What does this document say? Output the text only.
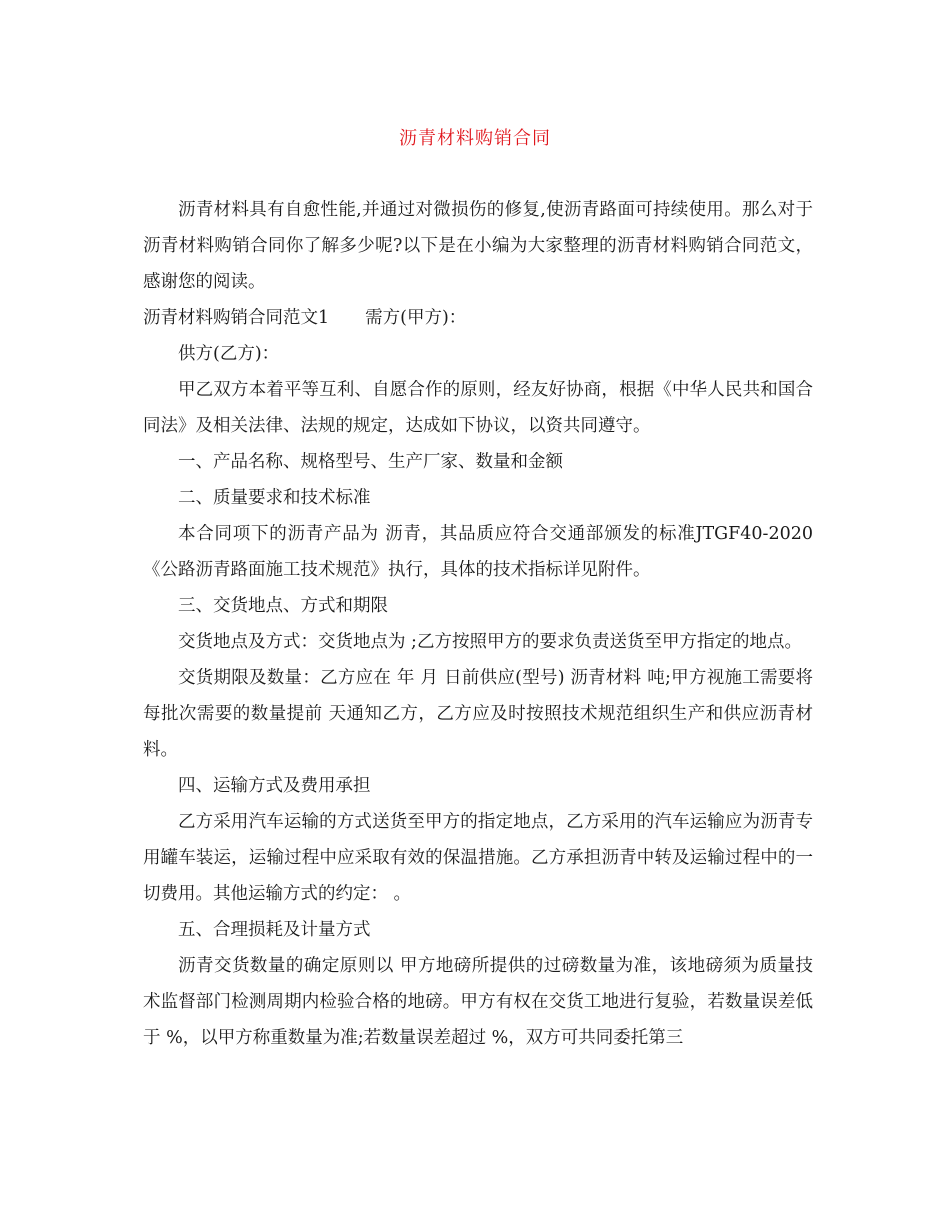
沥青材料购销合同

沥青材料具有自愈性能,并通过对微损伤的修复,使沥青路面可持续使用。那么对于沥青材料购销合同你了解多少呢?以下是在小编为大家整理的沥青材料购销合同范文，感谢您的阅读。

沥青材料购销合同范文1 需方(甲方)：

供方(乙方)：

甲乙双方本着平等互利、自愿合作的原则，经友好协商，根据《中华人民共和国合同法》及相关法律、法规的规定，达成如下协议，以资共同遵守。

一、产品名称、规格型号、生产厂家、数量和金额

二、质量要求和技术标准

本合同项下的沥青产品为 沥青，其品质应符合交通部颁发的标准JTGF40-2020《公路沥青路面施工技术规范》执行，具体的技术指标详见附件。

三、交货地点、方式和期限

交货地点及方式：交货地点为 ;乙方按照甲方的要求负责送货至甲方指定的地点。

交货期限及数量：乙方应在 年 月 日前供应(型号) 沥青材料 吨;甲方视施工需要将每批次需要的数量提前 天通知乙方，乙方应及时按照技术规范组织生产和供应沥青材料。

四、运输方式及费用承担

乙方采用汽车运输的方式送货至甲方的指定地点，乙方采用的汽车运输应为沥青专用罐车装运，运输过程中应采取有效的保温措施。乙方承担沥青中转及运输过程中的一切费用。其他运输方式的约定： 。

五、合理损耗及计量方式

沥青交货数量的确定原则以 甲方地磅所提供的过磅数量为准，该地磅须为质量技术监督部门检测周期内检验合格的地磅。甲方有权在交货工地进行复验，若数量误差低于 %，以甲方称重数量为准;若数量误差超过 %，双方可共同委托第三
